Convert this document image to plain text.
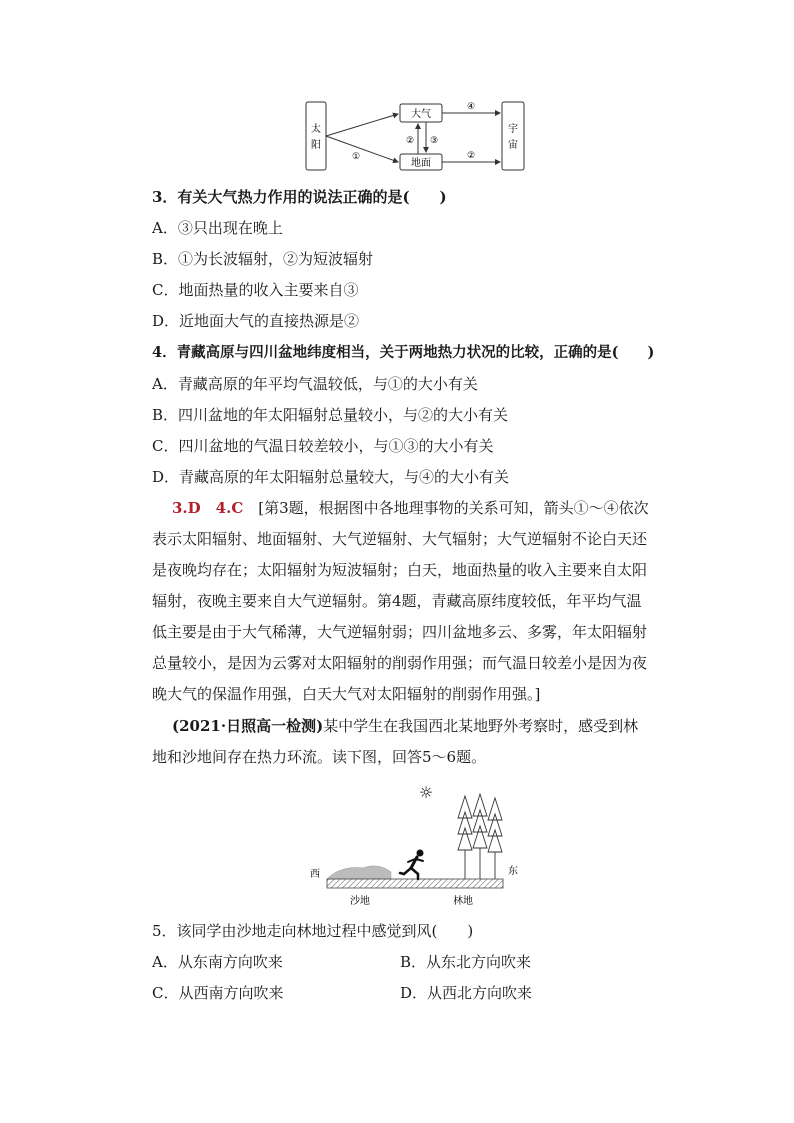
太
阳
大气
地面
宇
宙
①
② ③
④
②
3．有关大气热力作用的说法正确的是(　　)
A．③只出现在晚上
B．①为长波辐射，②为短波辐射
C．地面热量的收入主要来自③
D．近地面大气的直接热源是②
4．青藏高原与四川盆地纬度相当，关于两地热力状况的比较，正确的是(　　)
A．青藏高原的年平均气温较低，与①的大小有关
B．四川盆地的年太阳辐射总量较小，与②的大小有关
C．四川盆地的气温日较差较小，与①③的大小有关
D．青藏高原的年太阳辐射总量较大，与④的大小有关
3.D　4.C　 [第3题，根据图中各地理事物的关系可知，箭头①～④依次表示太阳辐射、地面辐射、大气逆辐射、大气辐射；大气逆辐射不论白天还是夜晚均存在；太阳辐射为短波辐射；白天，地面热量的收入主要来自太阳辐射，夜晚主要来自大气逆辐射。第4题，青藏高原纬度较低，年平均气温低主要是由于大气稀薄，大气逆辐射弱；四川盆地多云、多雾，年太阳辐射总量较小，是因为云雾对太阳辐射的削弱作用强；而气温日较差小是因为夜晚大气的保温作用强，白天大气对太阳辐射的削弱作用强。]
(2021·日照高一检测)某中学生在我国西北某地野外考察时，感受到林地和沙地间存在热力环流。读下图，回答5～6题。
☼
西	东
沙地	林地
5．该同学由沙地走向林地过程中感觉到风(　　)
A．从东南方向吹来	B．从东北方向吹来
C．从西南方向吹来	D．从西北方向吹来
